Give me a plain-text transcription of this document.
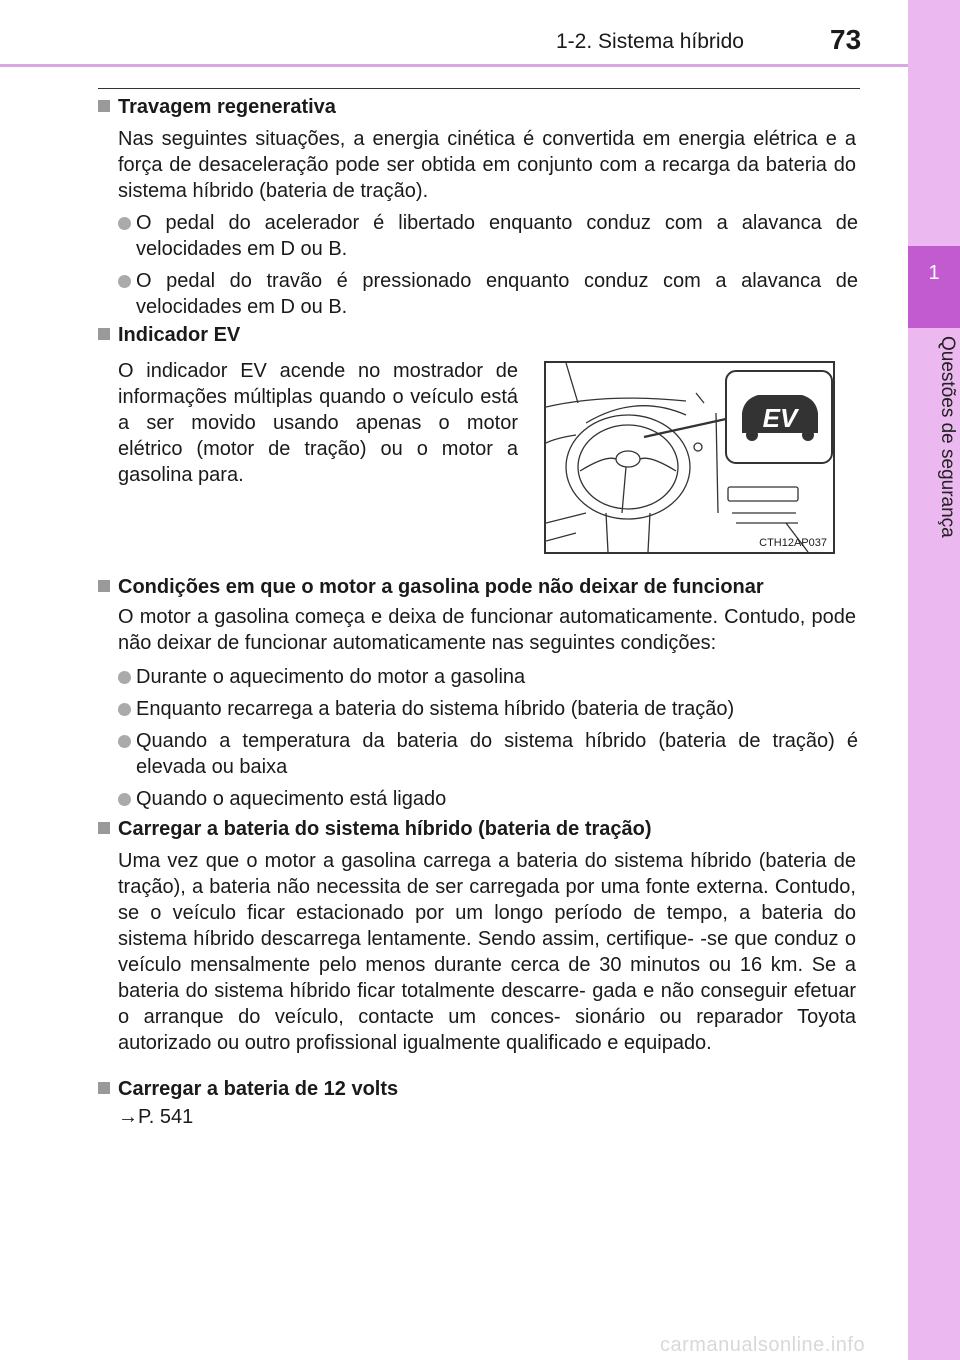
1-2. Sistema híbrido	73
1
Questões de segurança
Travagem regenerativa
Nas seguintes situações, a energia cinética é convertida em energia elétrica e a força de desaceleração pode ser obtida em conjunto com a recarga da bateria do sistema híbrido (bateria de tração).
O pedal do acelerador é libertado enquanto conduz com a alavanca de velocidades em D ou B.
O pedal do travão é pressionado enquanto conduz com a alavanca de velocidades em D ou B.
Indicador EV
O indicador EV acende no mostrador de informações múltiplas quando o veículo está a ser movido usando apenas o motor elétrico (motor de tração) ou o motor a gasolina para.
EV
CTH12AP037
Condições em que o motor a gasolina pode não deixar de funcionar
O motor a gasolina começa e deixa de funcionar automaticamente. Contudo, pode não deixar de funcionar automaticamente nas seguintes condições:
Durante o aquecimento do motor a gasolina
Enquanto recarrega a bateria do sistema híbrido (bateria de tração)
Quando a temperatura da bateria do sistema híbrido (bateria de tração) é elevada ou baixa
Quando o aquecimento está ligado
Carregar a bateria do sistema híbrido (bateria de tração)
Uma vez que o motor a gasolina carrega a bateria do sistema híbrido (bateria de tração), a bateria não necessita de ser carregada por uma fonte externa. Contudo, se o veículo ficar estacionado por um longo período de tempo, a bateria do sistema híbrido descarrega lentamente. Sendo assim, certifique- -se que conduz o veículo mensalmente pelo menos durante cerca de 30 minutos ou 16 km. Se a bateria do sistema híbrido ficar totalmente descarre- gada e não conseguir efetuar o arranque do veículo, contacte um conces- sionário ou reparador Toyota autorizado ou outro profissional igualmente qualificado e equipado.
Carregar a bateria de 12 volts
→P. 541
carmanualsonline.info
